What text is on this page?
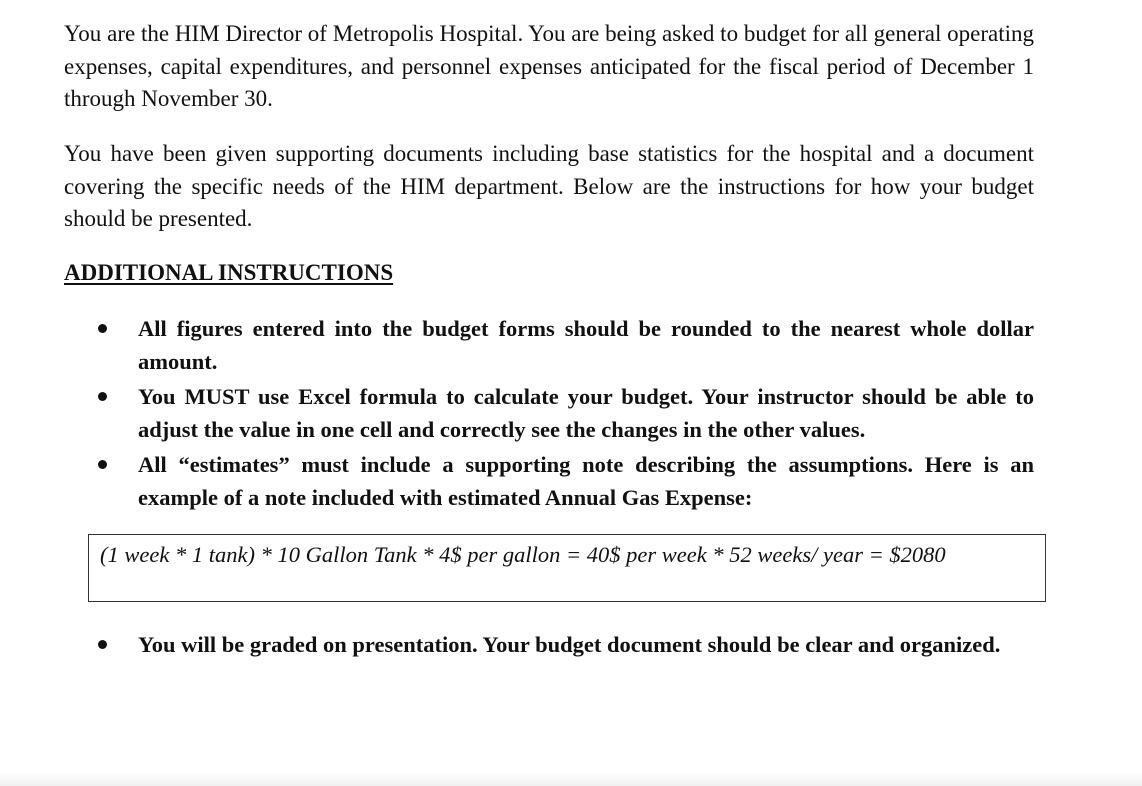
You are the HIM Director of Metropolis Hospital. You are being asked to budget for all general operating expenses, capital expenditures, and personnel expenses anticipated for the fiscal period of December 1 through November 30.

You have been given supporting documents including base statistics for the hospital and a document covering the specific needs of the HIM department. Below are the instructions for how your budget should be presented.

ADDITIONAL INSTRUCTIONS
All figures entered into the budget forms should be rounded to the nearest whole dollar amount.
You MUST use Excel formula to calculate your budget. Your instructor should be able to adjust the value in one cell and correctly see the changes in the other values.
All “estimates” must include a supporting note describing the assumptions. Here is an example of a note included with estimated Annual Gas Expense:
(1 week * 1 tank) * 10 Gallon Tank * 4$ per gallon = 40$ per week * 52 weeks/ year = $2080
You will be graded on presentation. Your budget document should be clear and organized.
